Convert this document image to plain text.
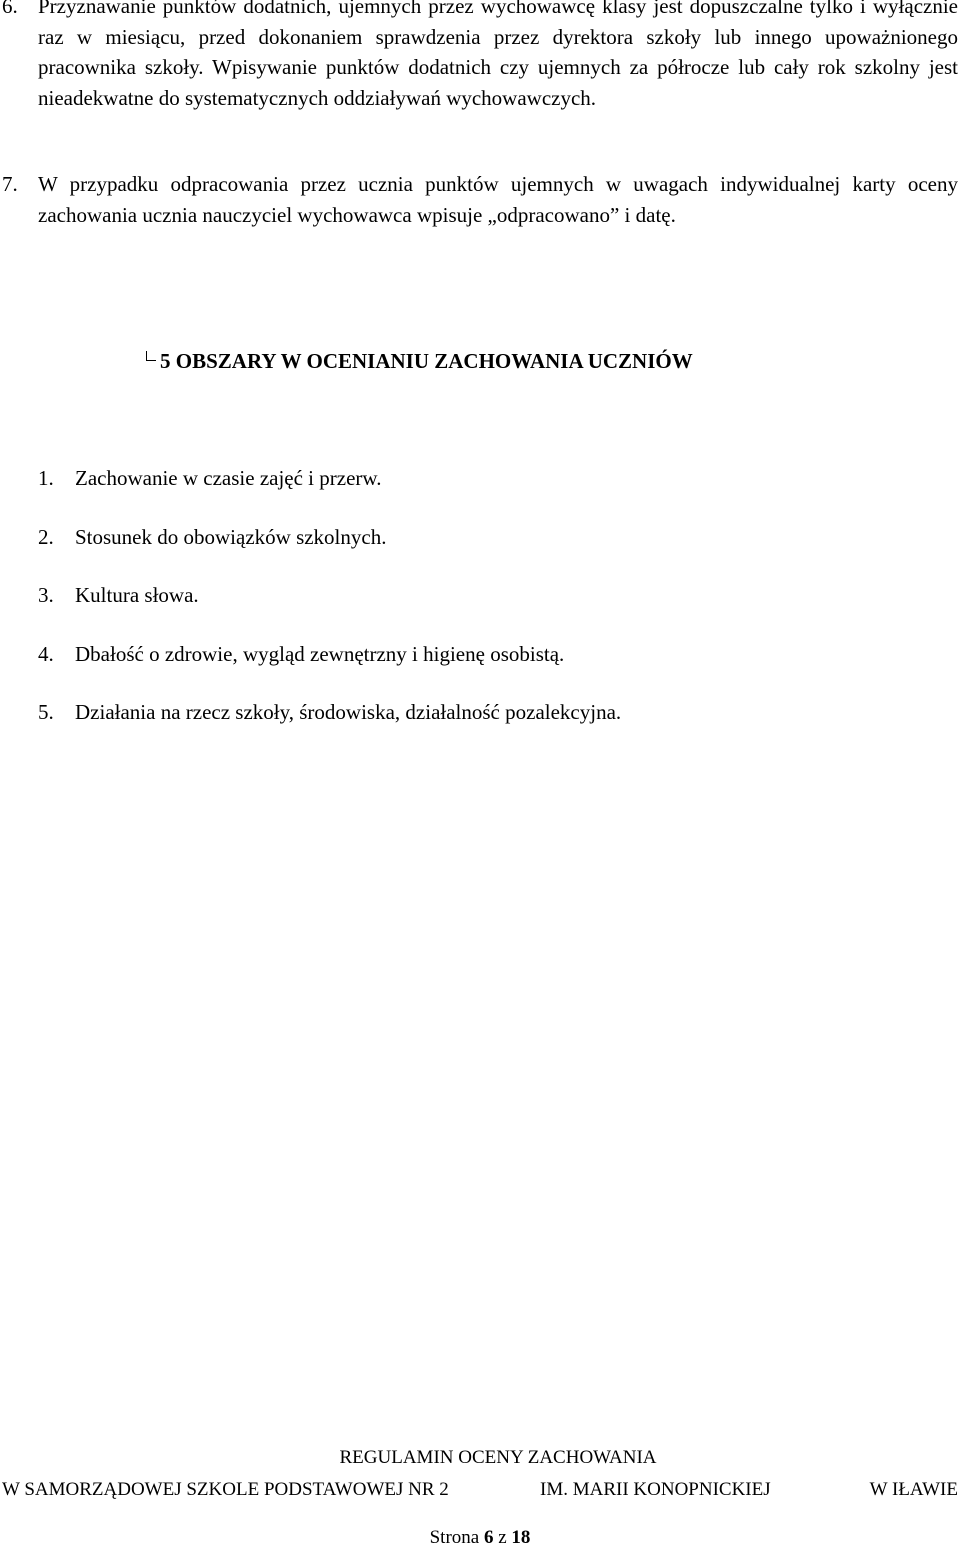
6. Przyznawanie punktów dodatnich, ujemnych przez wychowawcę klasy jest dopuszczalne tylko i wyłącznie raz w miesiącu, przed dokonaniem sprawdzenia przez dyrektora szkoły lub innego upoważnionego pracownika szkoły. Wpisywanie punktów dodatnich czy ujemnych za półrocze lub cały rok szkolny jest nieadekwatne do systematycznych oddziaływań wychowawczych.
7. W przypadku odpracowania przez ucznia punktów ujemnych w uwagach indywidualnej karty oceny zachowania ucznia nauczyciel wychowawca wpisuje „odpracowano” i datę.
5 OBSZARY W OCENIANIU ZACHOWANIA UCZNIÓW
1. Zachowanie w czasie zajęć i przerw.
2. Stosunek do obowiązków szkolnych.
3. Kultura słowa.
4. Dbałość o zdrowie, wygląd zewnętrzny i higienę osobistą.
5. Działania na rzecz szkoły, środowiska, działalność pozalekcyjna.
REGULAMIN OCENY ZACHOWANIA
W SAMORZĄDOWEJ SZKOLE PODSTAWOWEJ NR 2	IM. MARII KONOPNICKIEJ	W IŁAWIE
Strona 6 z 18
